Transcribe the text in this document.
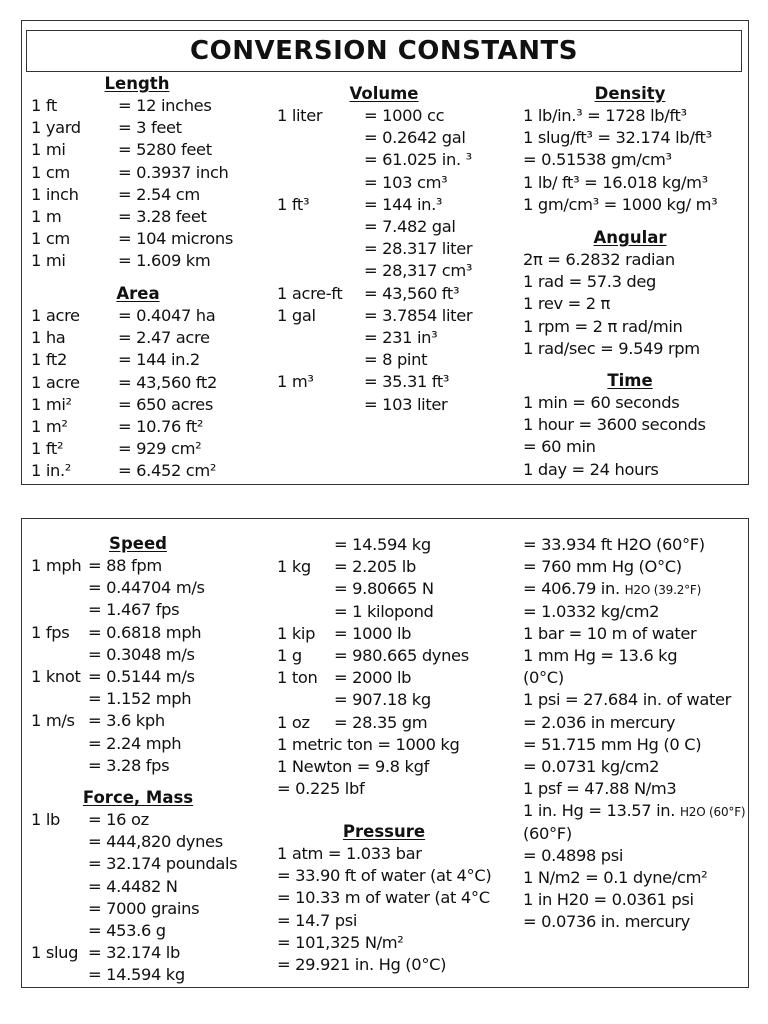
CONVERSION CONSTANTS
Length
1 ft	= 12 inches
1 yard = 3 feet
1 mi	= 5280 feet
1 cm	= 0.3937 inch
1 inch = 2.54 cm
1 m	= 3.28 feet
1 cm	= 104 microns
1 mi	= 1.609 km
Area
1 acre = 0.4047 ha
1 ha	= 2.47 acre
1 ft2	= 144 in.2
1 acre = 43,560 ft2
1 mi²	= 650 acres
1 m²	= 10.76 ft²
1 ft²	= 929 cm²
1 in.²	= 6.452 cm²
Volume
1 liter	= 1000 cc
= 0.2642 gal
= 61.025 in. ³
= 103 cm³
1 ft³	= 144 in.³
= 7.482 gal
= 28.317 liter
= 28,317 cm³
1 acre-ft = 43,560 ft³
1 gal	= 3.7854 liter
= 231 in³
= 8 pint
1 m³	= 35.31 ft³
= 103 liter
Density
1 lb/in.³ = 1728 lb/ft³
1 slug/ft³ = 32.174 lb/ft³
= 0.51538 gm/cm³
1 lb/ ft³ = 16.018 kg/m³
1 gm/cm³ = 1000 kg/ m³
Angular
2π = 6.2832 radian
1 rad = 57.3 deg
1 rev = 2 π
1 rpm = 2 π rad/min
1 rad/sec = 9.549 rpm
Time
1 min = 60 seconds
1 hour = 3600 seconds
= 60 min
1 day = 24 hours
Speed
1 mph = 88 fpm
= 0.44704 m/s
= 1.467 fps
1 fps = 0.6818 mph
= 0.3048 m/s
1 knot = 0.5144 m/s
= 1.152 mph
1 m/s = 3.6 kph
= 2.24 mph
= 3.28 fps
Force, Mass
1 lb = 16 oz
= 444,820 dynes
= 32.174 poundals
= 4.4482 N
= 7000 grains
= 453.6 g
1 slug = 32.174 lb
= 14.594 kg
= 14.594 kg
1 kg = 2.205 lb
= 9.80665 N
= 1 kilopond
1 kip = 1000 lb
1 g = 980.665 dynes
1 ton = 2000 lb
= 907.18 kg
1 oz = 28.35 gm
1 metric ton = 1000 kg
1 Newton = 9.8 kgf
= 0.225 lbf
Pressure
1 atm = 1.033 bar
= 33.90 ft of water (at 4°C)
= 10.33 m of water (at 4°C
= 14.7 psi
= 101,325 N/m²
= 29.921 in. Hg (0°C)
= 33.934 ft H2O (60°F)
= 760 mm Hg (O°C)
= 406.79 in. H2O (39.2°F)
= 1.0332 kg/cm2
1 bar = 10 m of water
1 mm Hg = 13.6 kg
(0°C)
1 psi = 27.684 in. of water
= 2.036 in mercury
= 51.715 mm Hg (0 C)
= 0.0731 kg/cm2
1 psf = 47.88 N/m3
1 in. Hg = 13.57 in. H2O (60°F)
(60°F)
= 0.4898 psi
1 N/m2 = 0.1 dyne/cm²
1 in H20 = 0.0361 psi
= 0.0736 in. mercury
